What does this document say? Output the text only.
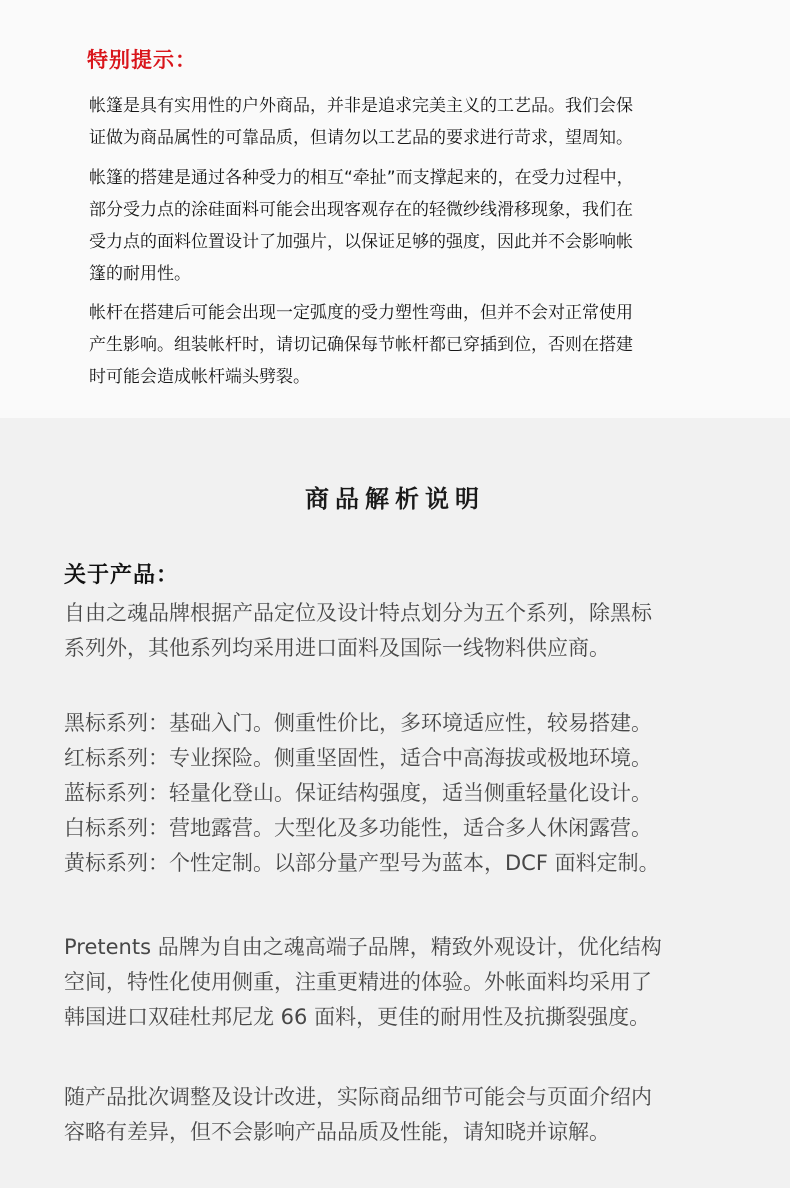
特别提示：

帐篷是具有实用性的户外商品，并非是追求完美主义的工艺品。我们会保
证做为商品属性的可靠品质，但请勿以工艺品的要求进行苛求，望周知。

帐篷的搭建是通过各种受力的相互“牵扯”而支撑起来的，在受力过程中，
部分受力点的涂硅面料可能会出现客观存在的轻微纱线滑移现象，我们在
受力点的面料位置设计了加强片，以保证足够的强度，因此并不会影响帐
篷的耐用性。

帐杆在搭建后可能会出现一定弧度的受力塑性弯曲，但并不会对正常使用
产生影响。组装帐杆时，请切记确保每节帐杆都已穿插到位，否则在搭建
时可能会造成帐杆端头劈裂。

商品解析说明
关于产品：

自由之魂品牌根据产品定位及设计特点划分为五个系列，除黑标
系列外，其他系列均采用进口面料及国际一线物料供应商。

黑标系列：基础入门。侧重性价比，多环境适应性，较易搭建。
红标系列：专业探险。侧重坚固性，适合中高海拔或极地环境。
蓝标系列：轻量化登山。保证结构强度，适当侧重轻量化设计。
白标系列：营地露营。大型化及多功能性，适合多人休闲露营。
黄标系列：个性定制。以部分量产型号为蓝本，DCF 面料定制。

Pretents 品牌为自由之魂高端子品牌，精致外观设计，优化结构
空间，特性化使用侧重，注重更精进的体验。外帐面料均采用了
韩国进口双硅杜邦尼龙 66 面料，更佳的耐用性及抗撕裂强度。

随产品批次调整及设计改进，实际商品细节可能会与页面介绍内
容略有差异，但不会影响产品品质及性能，请知晓并谅解。
